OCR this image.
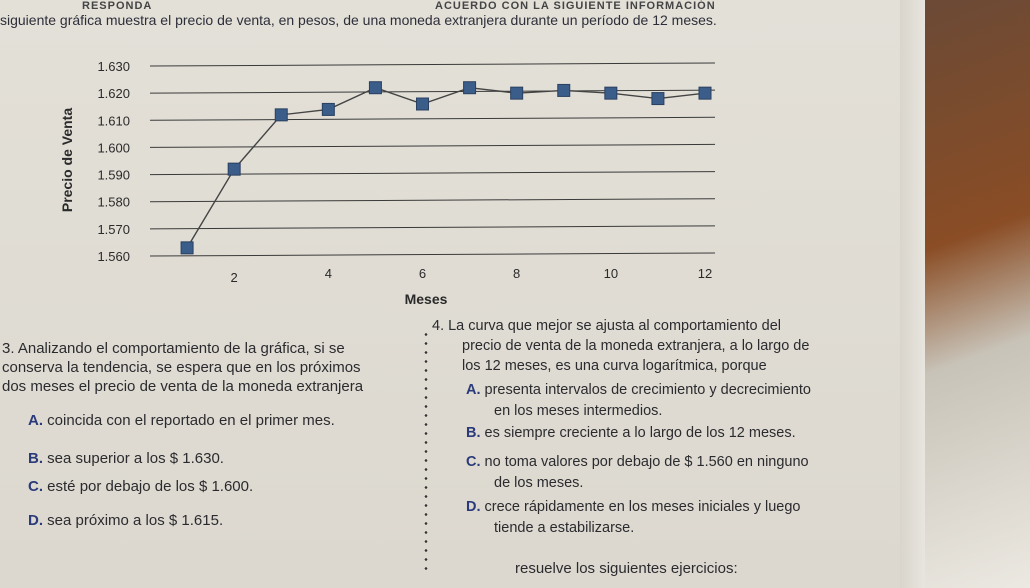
RESPONDA	ACUERDO CON LA SIGUIENTE INFORMACIÓN
siguiente gráfica muestra el precio de venta, en pesos, de una moneda extranjera durante un período de 12 meses.
1.560
1.570
1.580
1.590
1.600
1.610
1.620
1.630
2	4	6	8	10	12
Precio de Venta
Meses
resuelve los siguientes ejercicios:
3. Analizando el comportamiento de la gráfica, si se
conserva la tendencia, se espera que en los próximos
dos meses el precio de venta de la moneda extranjera
A. coincida con el reportado en el primer mes.
B. sea superior a los $ 1.630.
C. esté por debajo de los $ 1.600.
D. sea próximo a los $ 1.615.
4. La curva que mejor se ajusta al comportamiento del
precio de venta de la moneda extranjera, a lo largo de
los 12 meses, es una curva logarítmica, porque
A. presenta intervalos de crecimiento y decrecimiento
en los meses intermedios.
B. es siempre creciente a lo largo de los 12 meses.
C. no toma valores por debajo de $ 1.560 en ninguno
de los meses.
D. crece rápidamente en los meses iniciales y luego
tiende a estabilizarse.
